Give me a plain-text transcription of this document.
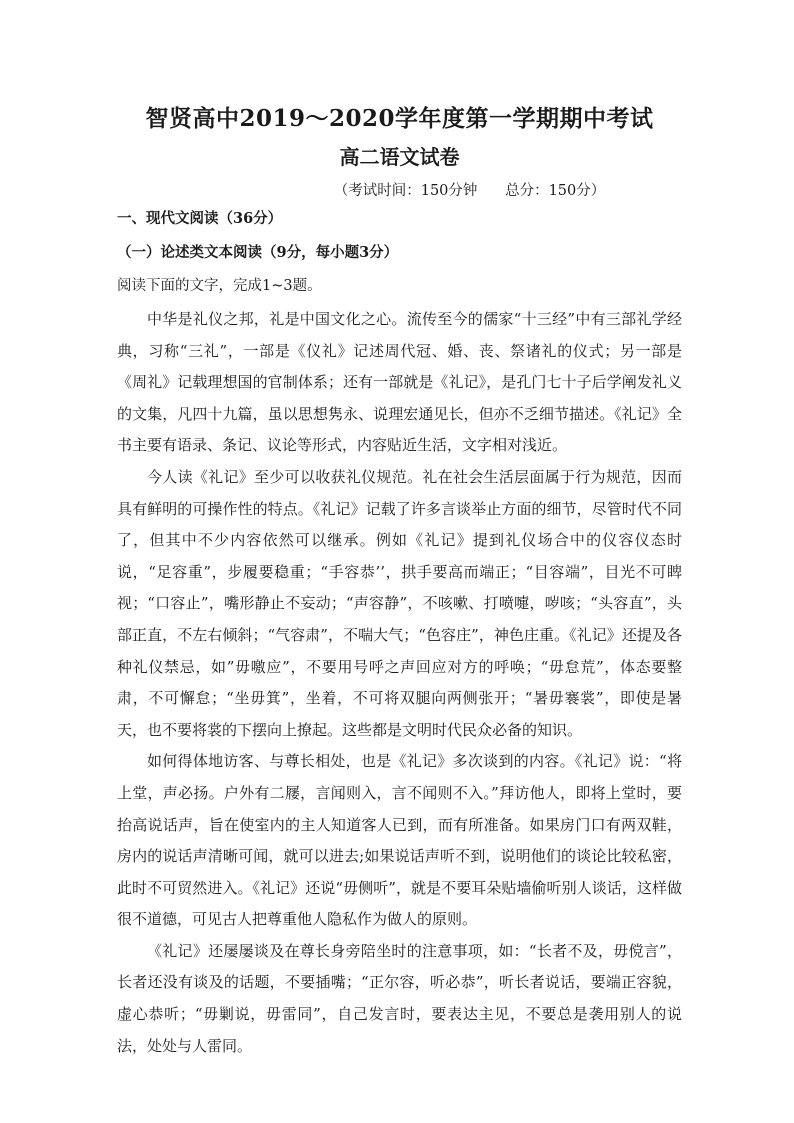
智贤高中2019～2020学年度第一学期期中考试
高二语文试卷
（考试时间：150分钟      总分：150分）
一、现代文阅读（36分）
（一）论述类文本阅读（9分，每小题3分）
阅读下面的文字，完成1~3题。

中华是礼仪之邦，礼是中国文化之心。流传至今的儒家“十三经”中有三部礼学经典，习称“三礼”，一部是《仪礼》记述周代冠、婚、丧、祭诸礼的仪式；另一部是《周礼》记载理想国的官制体系；还有一部就是《礼记》，是孔门七十子后学阐发礼义的文集，凡四十九篇，虽以思想隽永、说理宏通见长，但亦不乏细节描述。《礼记》全书主要有语录、条记、议论等形式，内容贴近生活，文字相对浅近。

今人读《礼记》至少可以收获礼仪规范。礼在社会生活层面属于行为规范，因而具有鲜明的可操作性的特点。《礼记》记载了许多言谈举止方面的细节，尽管时代不同了，但其中不少内容依然可以继承。例如《礼记》提到礼仪场合中的仪容仪态时说，“足容重”，步履要稳重；“手容恭’’，拱手要高而端正；“目容端”，目光不可睥视；“口容止”，嘴形静止不妄动；“声容静”，不咳嗽、打喷嚏，哕咳；“头容直”，头部正直，不左右倾斜；“气容肃”，不喘大气；“色容庄”，神色庄重。《礼记》还提及各种礼仪禁忌，如”毋噭应”，不要用号呼之声回应对方的呼唤；“毋怠荒”，体态要整肃，不可懈怠；“坐毋箕”，坐着，不可将双腿向两侧张开；“暑毋褰裳”，即使是暑天，也不要将裳的下摆向上撩起。这些都是文明时代民众必备的知识。

如何得体地访客、与尊长相处，也是《礼记》多次谈到的内容。《礼记》说：“将上堂，声必扬。户外有二屦，言闻则入，言不闻则不入。”拜访他人，即将上堂时，要抬高说话声，旨在使室内的主人知道客人已到，而有所准备。如果房门口有两双鞋，房内的说话声清晰可闻，就可以进去;如果说话声听不到，说明他们的谈论比较私密，此时不可贸然进入。《礼记》还说“毋侧听”，就是不要耳朵贴墙偷听别人谈话，这样做很不道德，可见古人把尊重他人隐私作为做人的原则。

《礼记》还屡屡谈及在尊长身旁陪坐时的注意事项，如：“长者不及，毋傥言”，长者还没有谈及的话题，不要插嘴；“正尔容，听必恭”，听长者说话，要端正容貌，虚心恭听；“毋剿说，毋雷同”，自己发言时，要表达主见，不要总是袭用别人的说法，处处与人雷同。
